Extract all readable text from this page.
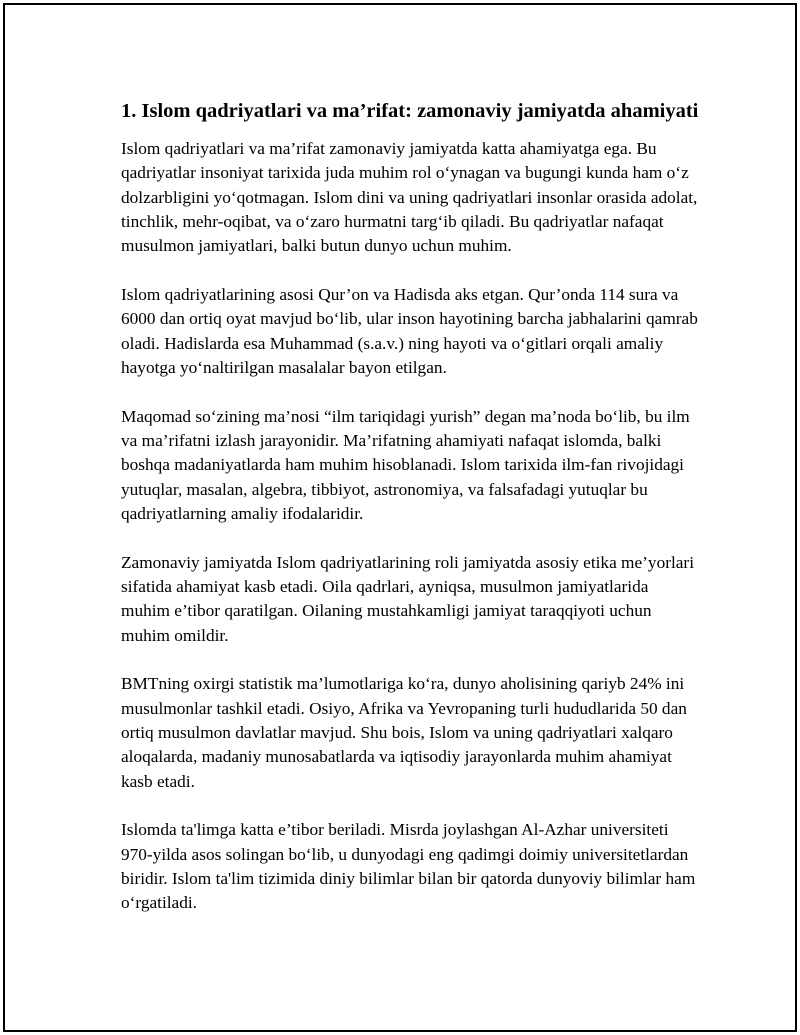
1. Islom qadriyatlari va ma’rifat: zamonaviy jamiyatda ahamiyati

Islom qadriyatlari va ma’rifat zamonaviy jamiyatda katta ahamiyatga ega. Bu qadriyatlar insoniyat tarixida juda muhim rol o‘ynagan va bugungi kunda ham o‘z dolzarbligini yo‘qotmagan. Islom dini va uning qadriyatlari insonlar orasida adolat, tinchlik, mehr-oqibat, va o‘zaro hurmatni targ‘ib qiladi. Bu qadriyatlar nafaqat musulmon jamiyatlari, balki butun dunyo uchun muhim.

Islom qadriyatlarining asosi Qur’on va Hadisda aks etgan. Qur’onda 114 sura va 6000 dan ortiq oyat mavjud bo‘lib, ular inson hayotining barcha jabhalarini qamrab oladi. Hadislarda esa Muhammad (s.a.v.) ning hayoti va o‘gitlari orqali amaliy hayotga yo‘naltirilgan masalalar bayon etilgan.

Maqomad so‘zining ma’nosi “ilm tariqidagi yurish” degan ma’noda bo‘lib, bu ilm va ma’rifatni izlash jarayonidir. Ma’rifatning ahamiyati nafaqat islomda, balki boshqa madaniyatlarda ham muhim hisoblanadi. Islom tarixida ilm-fan rivojidagi yutuqlar, masalan, algebra, tibbiyot, astronomiya, va falsafadagi yutuqlar bu qadriyatlarning amaliy ifodalaridir.

Zamonaviy jamiyatda Islom qadriyatlarining roli jamiyatda asosiy etika me’yorlari sifatida ahamiyat kasb etadi. Oila qadrlari, ayniqsa, musulmon jamiyatlarida muhim e’tibor qaratilgan. Oilaning mustahkamligi jamiyat taraqqiyoti uchun muhim omildir.

BMTning oxirgi statistik ma’lumotlariga ko‘ra, dunyo aholisining qariyb 24% ini musulmonlar tashkil etadi. Osiyo, Afrika va Yevropaning turli hududlarida 50 dan ortiq musulmon davlatlar mavjud. Shu bois, Islom va uning qadriyatlari xalqaro aloqalarda, madaniy munosabatlarda va iqtisodiy jarayonlarda muhim ahamiyat kasb etadi.

Islomda ta'limga katta e’tibor beriladi. Misrda joylashgan Al-Azhar universiteti 970-yilda asos solingan bo‘lib, u dunyodagi eng qadimgi doimiy universitetlardan biridir. Islom ta'lim tizimida diniy bilimlar bilan bir qatorda dunyoviy bilimlar ham o‘rgatiladi.
